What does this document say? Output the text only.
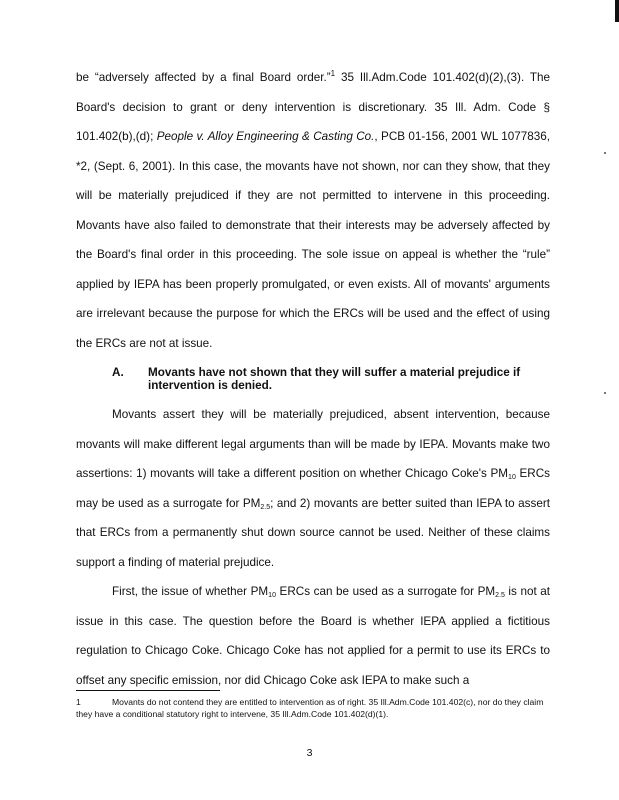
be “adversely affected by a final Board order.”$^1$ 35 Ill.Adm.Code 101.402(d)(2),(3). The Board's decision to grant or deny intervention is discretionary. 35 Ill. Adm. Code § 101.402(b),(d); People v. Alloy Engineering & Casting Co., PCB 01-156, 2001 WL 1077836, *2, (Sept. 6, 2001). In this case, the movants have not shown, nor can they show, that they will be materially prejudiced if they are not permitted to intervene in this proceeding. Movants have also failed to demonstrate that their interests may be adversely affected by the Board's final order in this proceeding. The sole issue on appeal is whether the “rule” applied by IEPA has been properly promulgated, or even exists. All of movants' arguments are irrelevant because the purpose for which the ERCs will be used and the effect of using the ERCs are not at issue.

A.	Movants have not shown that they will suffer a material prejudice if intervention is denied.

Movants assert they will be materially prejudiced, absent intervention, because movants will make different legal arguments than will be made by IEPA. Movants make two assertions: 1) movants will take a different position on whether Chicago Coke's $PM_{10}$ ERCs may be used as a surrogate for $PM_{2.5}$; and 2) movants are better suited than IEPA to assert that ERCs from a permanently shut down source cannot be used. Neither of these claims support a finding of material prejudice.

First, the issue of whether $PM_{10}$ ERCs can be used as a surrogate for $PM_{2.5}$ is not at issue in this case. The question before the Board is whether IEPA applied a fictitious regulation to Chicago Coke. Chicago Coke has not applied for a permit to use its ERCs to offset any specific emission, nor did Chicago Coke ask IEPA to make such a

1	Movants do not contend they are entitled to intervention as of right. 35 Ill.Adm.Code 101.402(c), nor do they claim they have a conditional statutory right to intervene, 35 Ill.Adm.Code 101.402(d)(1).
3
